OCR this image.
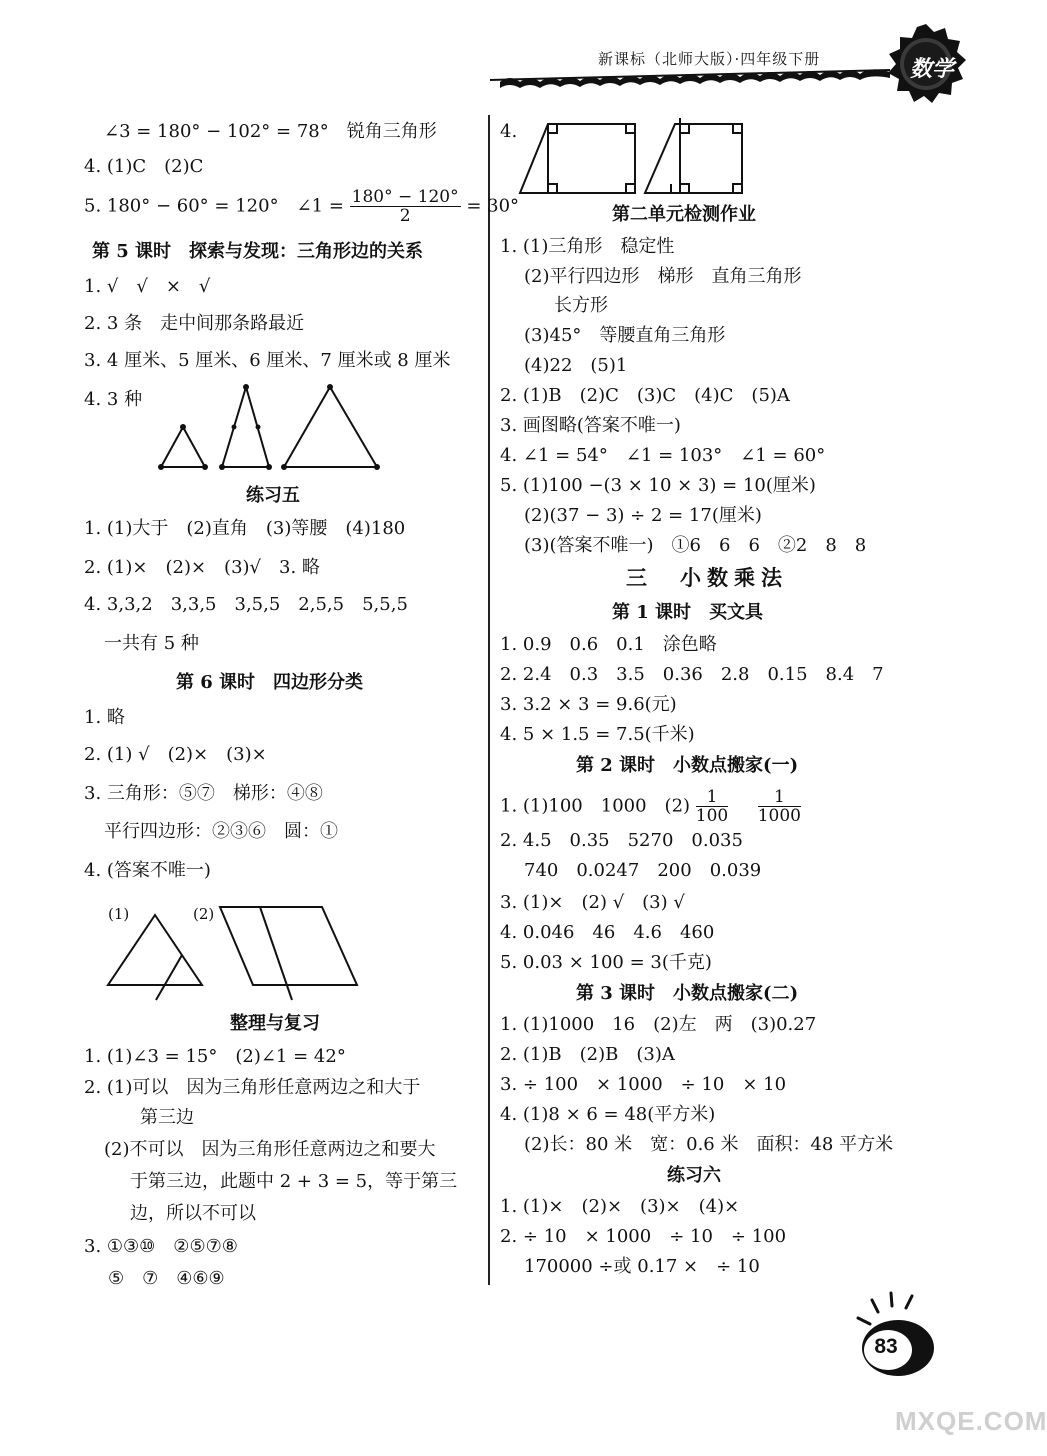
新课标（北师大版）·四年级下册	数学
∠3 = 180° − 102° = 78°　锐角三角形
4. (1)C　(2)C
5. 180° − 60° = 120°　∠1 = $\frac{180^\circ - 120^\circ}{2} = 30^\circ$
第 5 课时　探索与发现：三角形边的关系
1. √　√　×　√
2. 3 条　走中间那条路最近
3. 4 厘米、5 厘米、6 厘米、7 厘米或 8 厘米
4. 3 种
练习五
1. (1)大于　(2)直角　(3)等腰　(4)180
2. (1)×　(2)×　(3)√　3. 略
4. 3,3,2　3,3,5　3,5,5　2,5,5　5,5,5
一共有 5 种
第 6 课时　四边形分类
1. 略
2. (1) √　(2)×　(3)×
3. 三角形：⑤⑦　梯形：④⑧
平行四边形：②③⑥　圆：①
4. (答案不唯一)
(1)	(2)
整理与复习
1. (1)∠3 = 15°　(2)∠1 = 42°
2. (1)可以　因为三角形任意两边之和大于
第三边
(2)不可以　因为三角形任意两边之和要大
于第三边，此题中 2 + 3 = 5，等于第三
边，所以不可以
3. ①③⑩　②⑤⑦⑧
⑤　⑦　④⑥⑨
4.
第二单元检测作业
1. (1)三角形　稳定性
(2)平行四边形　梯形　直角三角形
长方形
(3)45°　等腰直角三角形
(4)22　(5)1
2. (1)B　(2)C　(3)C　(4)C　(5)A
3. 画图略(答案不唯一)
4. ∠1 = 54°　∠1 = 103°　∠1 = 60°
5. (1)100 −(3 × 10 × 3) = 10(厘米)
(2)(37 − 3) ÷ 2 = 17(厘米)
(3)(答案不唯一)　①6　6　6　②2　8　8
三　小数乘法
第 1 课时　买文具
1. 0.9　0.6　0.1　涂色略
2. 2.4　0.3　3.5　0.36　2.8　0.15　8.4　7
3. 3.2 × 3 = 9.6(元)
4. 5 × 1.5 = 7.5(千米)
第 2 课时　小数点搬家(一)
1. (1)100　1000　$(2) \frac{1}{100}$
　 $\frac{1}{1000}$
2. 4.5　0.35　5270　0.035
740　0.0247　200　0.039
3. (1)×　(2) √　(3) √
4. 0.046　46　4.6　460
5. 0.03 × 100 = 3(千克)
第 3 课时　小数点搬家(二)
1. (1)1000　16　(2)左　两　(3)0.27
2. (1)B　(2)B　(3)A
3. ÷ 100　× 1000　÷ 10　× 10
4. (1)8 × 6 = 48(平方米)
(2)长：80 米　宽：0.6 米　面积：48 平方米
练习六
1. (1)×　(2)×　(3)×　(4)×
2. ÷ 10　× 1000　÷ 10　÷ 100
170000 ÷或 0.17 ×　÷ 10
83
MXQE.COM
